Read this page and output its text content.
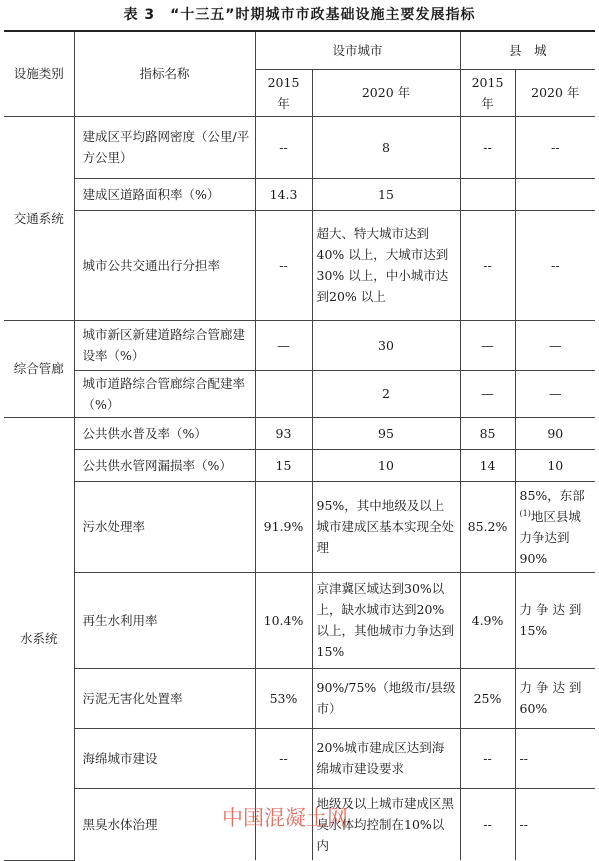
表 3　“十三五”时期城市市政基础设施主要发展指标
设施类别	指标名称	设市城市		县　城	
		2015 年	2020 年	2015 年	2020 年
交通系统	建成区平均路网密度（公里/平方公里）	--	8	--	--
	建成区道路面积率（%）	14.3	15		
	城市公共交通出行分担率	--	超大、特大城市达到40% 以上，大城市达到 30% 以上，中小城市达到20% 以上	--	--
综合管廊	城市新区新建道路综合管廊建设率（%）	—	30	—	—
	城市道路综合管廊综合配建率（%）		2	—	—
水系统	公共供水普及率（%）	93	95	85	90
	公共供水管网漏损率（%）	15	10	14	10
	污水处理率	91.9%	95%，其中地级及以上城市建成区基本实现全处理	85.2%	85%，东部$^{(1)}$地区县城力争达到90%
	再生水利用率	10.4%	京津冀区域达到30%以上，缺水城市达到20%以上，其他城市力争达到15%	4.9%	力 争 达 到15%
	污泥无害化处置率	53%	90%/75%（地级市/县级市）	25%	力 争 达 到60%
	海绵城市建设	--	20%城市建成区达到海绵城市建设要求	--	--
	黑臭水体治理		地级及以上城市建成区黑臭水体均控制在10%以内	--	--
中国混凝土网
